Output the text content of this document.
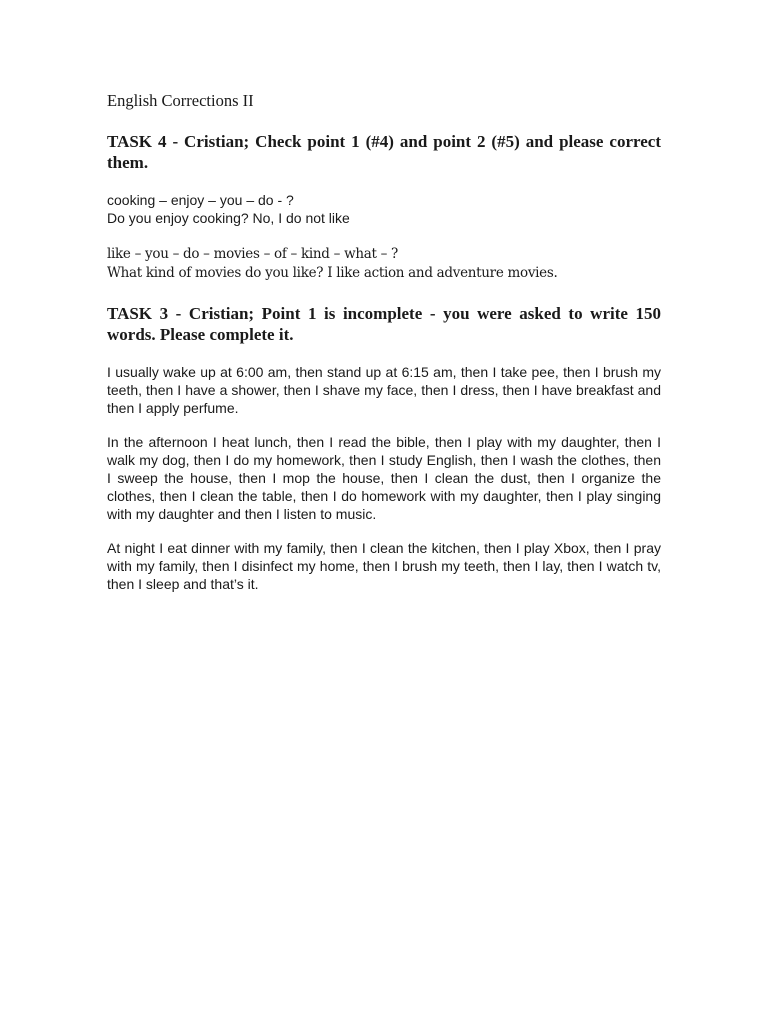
English Corrections II

TASK 4 - Cristian; Check point 1 (#4) and point 2 (#5) and please correct them.

cooking – enjoy – you – do - ?

Do you enjoy cooking? No, I do not like

like – you – do – movies – of – kind – what – ?

What kind of movies do you like? I like action and adventure movies.

TASK 3 - Cristian; Point 1 is incomplete - you were asked to write 150 words. Please complete it.

I usually wake up at 6:00 am, then stand up at 6:15 am, then I take pee, then I brush my teeth, then I have a shower, then I shave my face, then I dress, then I have breakfast and then I apply perfume.

In the afternoon I heat lunch, then I read the bible, then I play with my daughter, then I walk my dog, then I do my homework, then I study English, then I wash the clothes, then I sweep the house, then I mop the house, then I clean the dust, then I organize the clothes, then I clean the table, then I do homework with my daughter, then I play singing with my daughter and then I listen to music.

At night I eat dinner with my family, then I clean the kitchen, then I play Xbox, then I pray with my family, then I disinfect my home, then I brush my teeth, then I lay, then I watch tv, then I sleep and that’s it.
